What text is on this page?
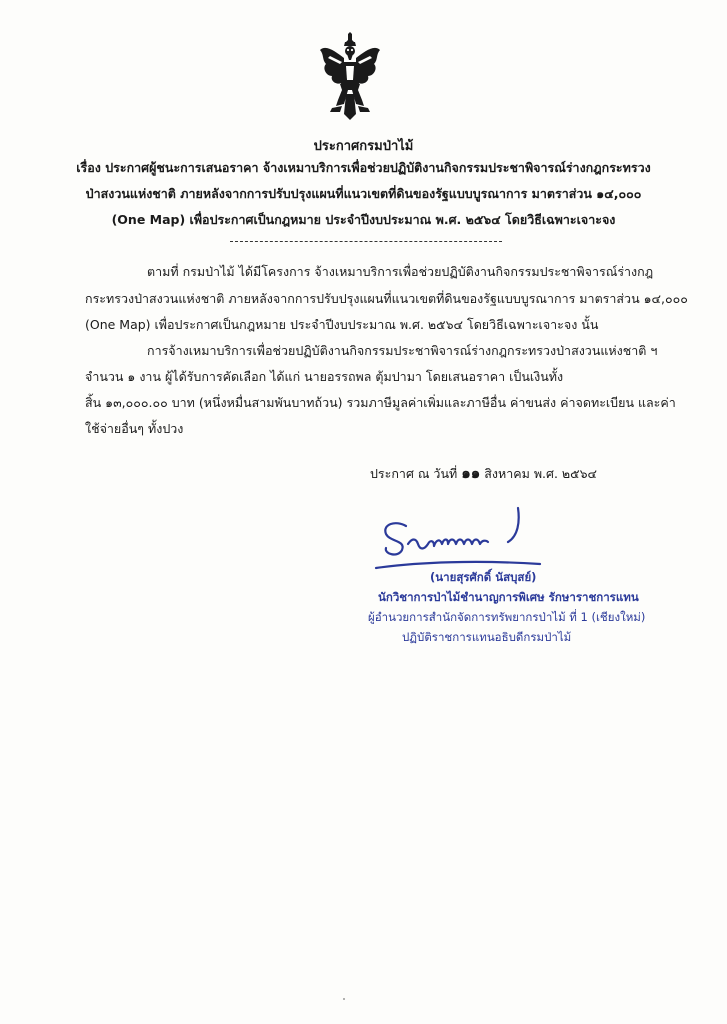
ประกาศกรมป่าไม้
เรื่อง ประกาศผู้ชนะการเสนอราคา จ้างเหมาบริการเพื่อช่วยปฏิบัติงานกิจกรรมประชาพิจารณ์ร่างกฎกระทรวง
ป่าสงวนแห่งชาติ ภายหลังจากการปรับปรุงแผนที่แนวเขตที่ดินของรัฐแบบบูรณาการ มาตราส่วน ๑๔,๐๐๐
(One Map) เพื่อประกาศเป็นกฎหมาย ประจำปีงบประมาณ พ.ศ. ๒๕๖๔ โดยวิธีเฉพาะเจาะจง
ตามที่ กรมป่าไม้ ได้มีโครงการ จ้างเหมาบริการเพื่อช่วยปฏิบัติงานกิจกรรมประชาพิจารณ์ร่างกฎ
กระทรวงป่าสงวนแห่งชาติ ภายหลังจากการปรับปรุงแผนที่แนวเขตที่ดินของรัฐแบบบูรณาการ มาตราส่วน ๑๔,๐๐๐
(One Map) เพื่อประกาศเป็นกฎหมาย ประจำปีงบประมาณ พ.ศ. ๒๕๖๔ โดยวิธีเฉพาะเจาะจง นั้น
การจ้างเหมาบริการเพื่อช่วยปฏิบัติงานกิจกรรมประชาพิจารณ์ร่างกฎกระทรวงป่าสงวนแห่งชาติ ฯ
จำนวน ๑ งาน ผู้ได้รับการคัดเลือก ได้แก่ นายอรรถพล ตุ้มปามา โดยเสนอราคา เป็นเงินทั้ง
สิ้น ๑๓,๐๐๐.๐๐ บาท (หนึ่งหมื่นสามพันบาทถ้วน) รวมภาษีมูลค่าเพิ่มและภาษีอื่น ค่าขนส่ง ค่าจดทะเบียน และค่า
ใช้จ่ายอื่นๆ ทั้งปวง
ประกาศ ณ วันที่ ๑๑ สิงหาคม พ.ศ. ๒๕๖๔
(นายสุรศักดิ์ นัสบุสย์)
นักวิชาการป่าไม้ชำนาญการพิเศษ รักษาราชการแทน
ผู้อำนวยการสำนักจัดการทรัพยากรป่าไม้ ที่ 1 (เชียงใหม่)
ปฏิบัติราชการแทนอธิบดีกรมป่าไม้
